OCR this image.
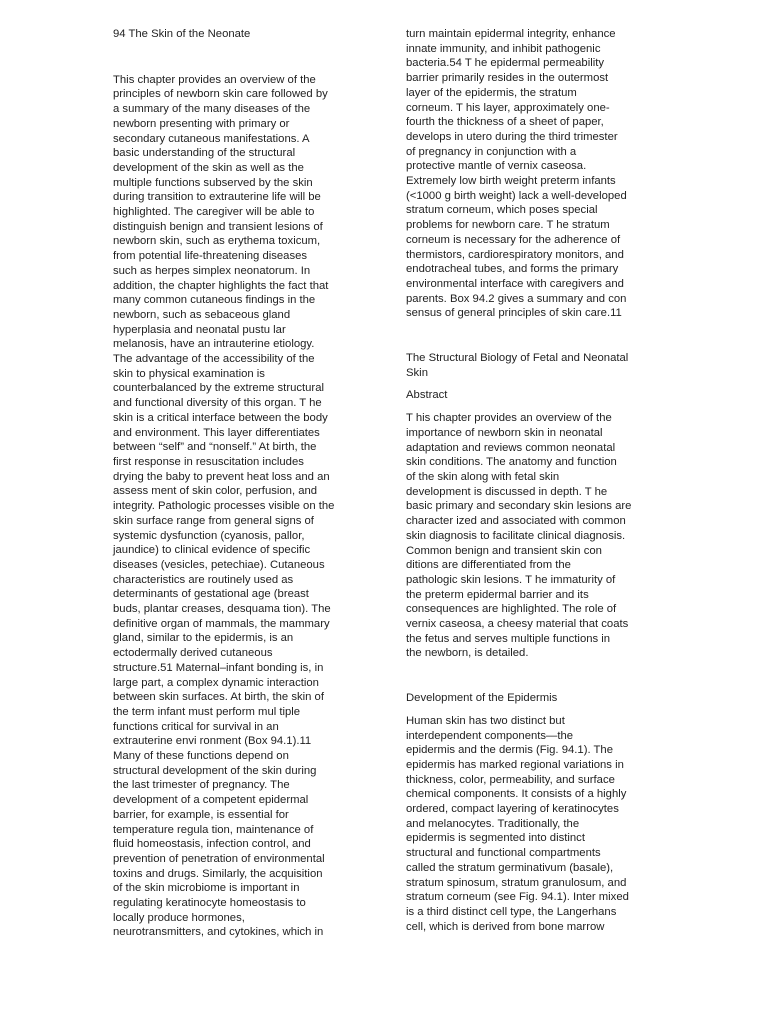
94 The Skin of the Neonate
This chapter provides an overview of the
principles of newborn skin care followed by
a summary of the many diseases of the
newborn presenting with primary or
secondary cutaneous manifestations. A
basic understanding of the structural
development of the skin as well as the
multiple functions subserved by the skin
during transition to extrauterine life will be
highlighted. The caregiver will be able to
distinguish benign and transient lesions of
newborn skin, such as erythema toxicum,
from potential life-threatening diseases
such as herpes simplex neonatorum. In
addition, the chapter highlights the fact that
many common cutaneous findings in the
newborn, such as sebaceous gland
hyperplasia and neonatal pustu lar
melanosis, have an intrauterine etiology.
The advantage of the accessibility of the
skin to physical examination is
counterbalanced by the extreme structural
and functional diversity of this organ. T he
skin is a critical interface between the body
and environment. This layer differentiates
between “self” and “nonself.” At birth, the
first response in resuscitation includes
drying the baby to prevent heat loss and an
assess ment of skin color, perfusion, and
integrity. Pathologic processes visible on the
skin surface range from general signs of
systemic dysfunction (cyanosis, pallor,
jaundice) to clinical evidence of specific
diseases (vesicles, petechiae). Cutaneous
characteristics are routinely used as
determinants of gestational age (breast
buds, plantar creases, desquama tion). The
definitive organ of mammals, the mammary
gland, similar to the epidermis, is an
ectodermally derived cutaneous
structure.51 Maternal–infant bonding is, in
large part, a complex dynamic interaction
between skin surfaces. At birth, the skin of
the term infant must perform mul tiple
functions critical for survival in an
extrauterine envi ronment (Box 94.1).11
Many of these functions depend on
structural development of the skin during
the last trimester of pregnancy. The
development of a competent epidermal
barrier, for example, is essential for
temperature regula tion, maintenance of
fluid homeostasis, infection control, and
prevention of penetration of environmental
toxins and drugs. Similarly, the acquisition
of the skin microbiome is important in
regulating keratinocyte homeostasis to
locally produce hormones,
neurotransmitters, and cytokines, which in
turn maintain epidermal integrity, enhance
innate immunity, and inhibit pathogenic
bacteria.54 T he epidermal permeability
barrier primarily resides in the outermost
layer of the epidermis, the stratum
corneum. T his layer, approximately one-
fourth the thickness of a sheet of paper,
develops in utero during the third trimester
of pregnancy in conjunction with a
protective mantle of vernix caseosa.
Extremely low birth weight preterm infants
(<1000 g birth weight) lack a well-developed
stratum corneum, which poses special
problems for newborn care. T he stratum
corneum is necessary for the adherence of
thermistors, cardiorespiratory monitors, and
endotracheal tubes, and forms the primary
environmental interface with caregivers and
parents. Box 94.2 gives a summary and con
sensus of general principles of skin care.11
The Structural Biology of Fetal and Neonatal
Skin
Abstract
T his chapter provides an overview of the
importance of newborn skin in neonatal
adaptation and reviews common neonatal
skin conditions. The anatomy and function
of the skin along with fetal skin
development is discussed in depth. T he
basic primary and secondary skin lesions are
character ized and associated with common
skin diagnosis to facilitate clinical diagnosis.
Common benign and transient skin con
ditions are differentiated from the
pathologic skin lesions. T he immaturity of
the preterm epidermal barrier and its
consequences are highlighted. The role of
vernix caseosa, a cheesy material that coats
the fetus and serves multiple functions in
the newborn, is detailed.
Development of the Epidermis
Human skin has two distinct but
interdependent components—the
epidermis and the dermis (Fig. 94.1). The
epidermis has marked regional variations in
thickness, color, permeability, and surface
chemical components. It consists of a highly
ordered, compact layering of keratinocytes
and melanocytes. Traditionally, the
epidermis is segmented into distinct
structural and functional compartments
called the stratum germinativum (basale),
stratum spinosum, stratum granulosum, and
stratum corneum (see Fig. 94.1). Inter mixed
is a third distinct cell type, the Langerhans
cell, which is derived from bone marrow
